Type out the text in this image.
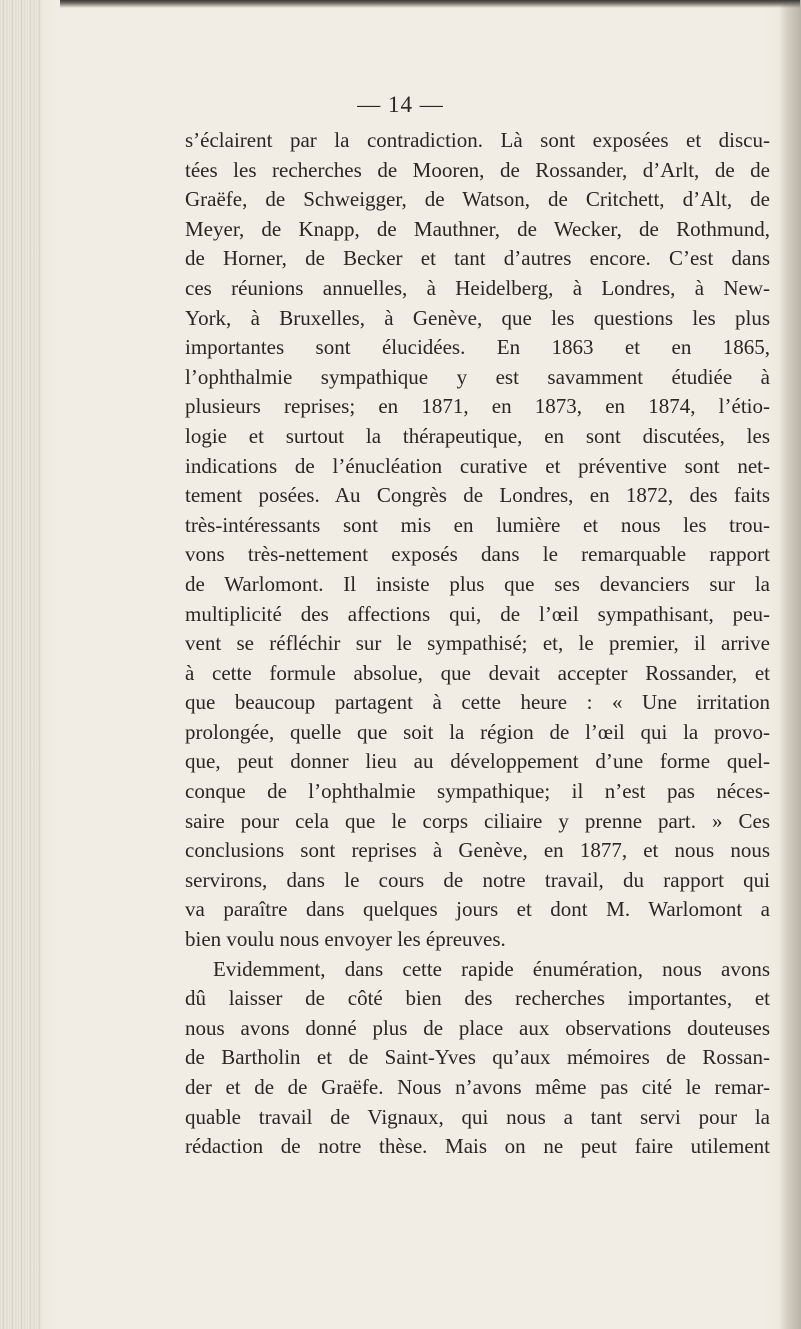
— 14 —
s’éclairent par la contradiction. Là sont exposées et discu-
tées les recherches de Mooren, de Rossander, d’Arlt, de de
Graëfe, de Schweigger, de Watson, de Critchett, d’Alt, de
Meyer, de Knapp, de Mauthner, de Wecker, de Rothmund,
de Horner, de Becker et tant d’autres encore. C’est dans
ces réunions annuelles, à Heidelberg, à Londres, à New-
York, à Bruxelles, à Genève, que les questions les plus
importantes sont élucidées. En 1863 et en 1865,
l’ophthalmie sympathique y est savamment étudiée à
plusieurs reprises; en 1871, en 1873, en 1874, l’étio-
logie et surtout la thérapeutique, en sont discutées, les
indications de l’énucléation curative et préventive sont net-
tement posées. Au Congrès de Londres, en 1872, des faits
très-intéressants sont mis en lumière et nous les trou-
vons très-nettement exposés dans le remarquable rapport
de Warlomont. Il insiste plus que ses devanciers sur la
multiplicité des affections qui, de l’œil sympathisant, peu-
vent se réfléchir sur le sympathisé; et, le premier, il arrive
à cette formule absolue, que devait accepter Rossander, et
que beaucoup partagent à cette heure : « Une irritation
prolongée, quelle que soit la région de l’œil qui la provo-
que, peut donner lieu au développement d’une forme quel-
conque de l’ophthalmie sympathique; il n’est pas néces-
saire pour cela que le corps ciliaire y prenne part. » Ces
conclusions sont reprises à Genève, en 1877, et nous nous
servirons, dans le cours de notre travail, du rapport qui
va paraître dans quelques jours et dont M. Warlomont a
bien voulu nous envoyer les épreuves.
Evidemment, dans cette rapide énumération, nous avons
dû laisser de côté bien des recherches importantes, et
nous avons donné plus de place aux observations douteuses
de Bartholin et de Saint-Yves qu’aux mémoires de Rossan-
der et de de Graëfe. Nous n’avons même pas cité le remar-
quable travail de Vignaux, qui nous a tant servi pour la
rédaction de notre thèse. Mais on ne peut faire utilement
